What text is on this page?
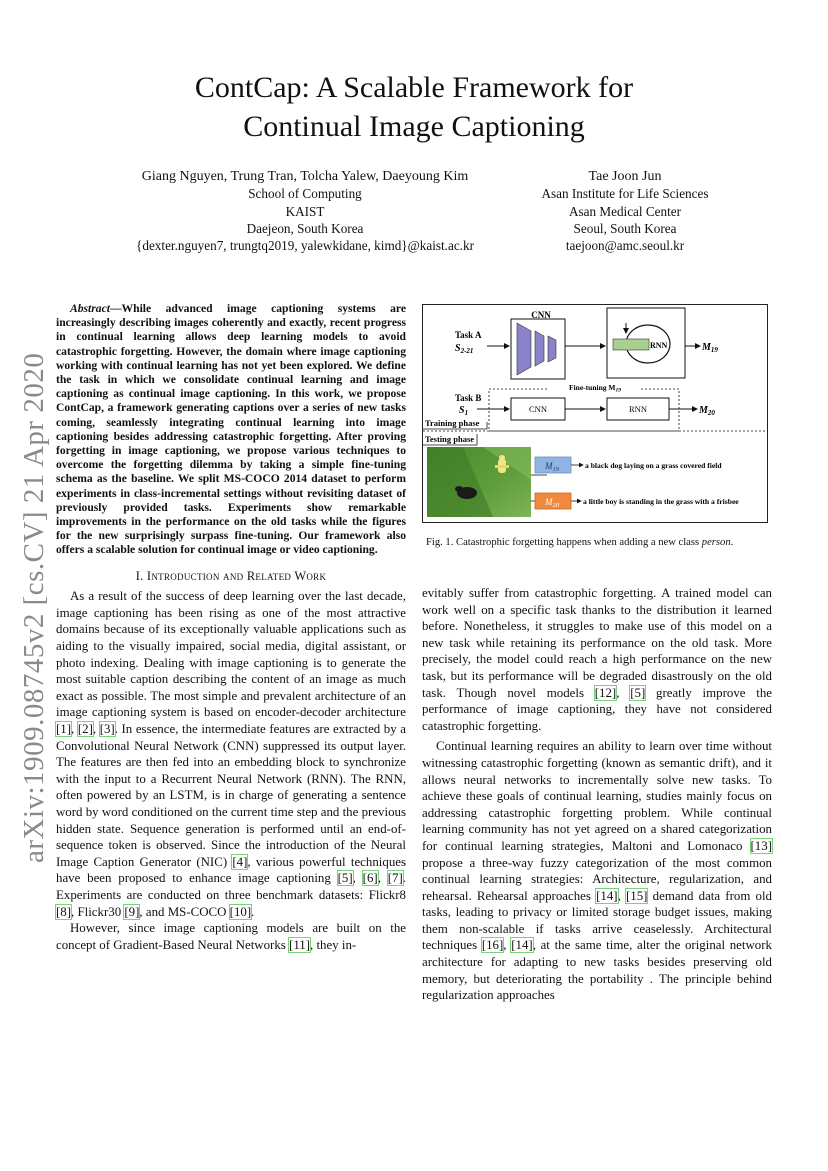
arXiv:1909.08745v2 [cs.CV] 21 Apr 2020
ContCap: A Scalable Framework for
Continual Image Captioning
Giang Nguyen, Trung Tran, Tolcha Yalew, Daeyoung Kim
School of Computing
KAIST
Daejeon, South Korea
{dexter.nguyen7, trungtq2019, yalewkidane, kimd}@kaist.ac.kr
Tae Joon Jun
Asan Institute for Life Sciences
Asan Medical Center
Seoul, South Korea
taejoon@amc.seoul.kr

Abstract—While advanced image captioning systems are increasingly describing images coherently and exactly, recent progress in continual learning allows deep learning models to avoid catastrophic forgetting. However, the domain where image captioning working with continual learning has not yet been explored. We define the task in which we consolidate continual learning and image captioning as continual image captioning. In this work, we propose ContCap, a framework generating captions over a series of new tasks coming, seamlessly integrating continual learning into image captioning besides addressing catastrophic forgetting. After proving forgetting in image captioning, we propose various techniques to overcome the forgetting dilemma by taking a simple fine-tuning schema as the baseline. We split MS-COCO 2014 dataset to perform experiments in class-incremental settings without revisiting dataset of previously provided tasks. Experiments show remarkable improvements in the performance on the old tasks while the figures for the new surprisingly surpass fine-tuning. Our framework also offers a scalable solution for continual image or video captioning.

I. Introduction and Related Work

As a result of the success of deep learning over the last decade, image captioning has been rising as one of the most attractive domains because of its exceptionally valuable applications such as aiding to the visually impaired, social media, digital assistant, or photo indexing. Dealing with image captioning is to generate the most suitable caption describing the content of an image as much exact as possible. The most simple and prevalent architecture of an image captioning system is based on encoder-decoder architecture [1], [2], [3]. In essence, the intermediate features are extracted by a Convolutional Neural Network (CNN) suppressed its output layer. The features are then fed into an embedding block to synchronize with the input to a Recurrent Neural Network (RNN). The RNN, often powered by an LSTM, is in charge of generating a sentence word by word conditioned on the current time step and the previous hidden state. Sequence generation is performed until an end-of-sequence token is observed. Since the introduction of the Neural Image Caption Generator (NIC) [4], various powerful techniques have been proposed to enhance image captioning [5], [6], [7]. Experiments are conducted on three benchmark datasets: Flickr8 [8], Flickr30 [9], and MS-COCO [10].

However, since image captioning models are built on the concept of Gradient-Based Neural Networks [11], they in-

Task A
$S_{2-21}$
CNN
RNN	$M_{19}$
Fine-tuning $M_{19}$
Task B
$S_1$	CNN	RNN	$M_{20}$
Training phase
Testing phase
$M_{19}$	a black dog laying on a grass covered field
$M_{20}$	a little boy is standing in the grass with a frisbee
Fig. 1. Catastrophic forgetting happens when adding a new class person.

evitably suffer from catastrophic forgetting. A trained model can work well on a specific task thanks to the distribution it learned before. Nonetheless, it struggles to make use of this model on a new task while retaining its performance on the old task. More precisely, the model could reach a high performance on the new task, but its performance will be degraded disastrously on the old task. Though novel models [12], [5] greatly improve the performance of image captioning, they have not considered catastrophic forgetting.

Continual learning requires an ability to learn over time without witnessing catastrophic forgetting (known as semantic drift), and it allows neural networks to incrementally solve new tasks. To achieve these goals of continual learning, studies mainly focus on addressing catastrophic forgetting problem. While continual learning community has not yet agreed on a shared categorization for continual learning strategies, Maltoni and Lomonaco [13] propose a three-way fuzzy categorization of the most common continual learning strategies: Architecture, regularization, and rehearsal. Rehearsal approaches [14], [15] demand data from old tasks, leading to privacy or limited storage budget issues, making them non-scalable if tasks arrive ceaselessly. Architectural techniques [16], [14], at the same time, alter the original network architecture for adapting to new tasks besides preserving old memory, but deteriorating the portability . The principle behind regularization approaches
